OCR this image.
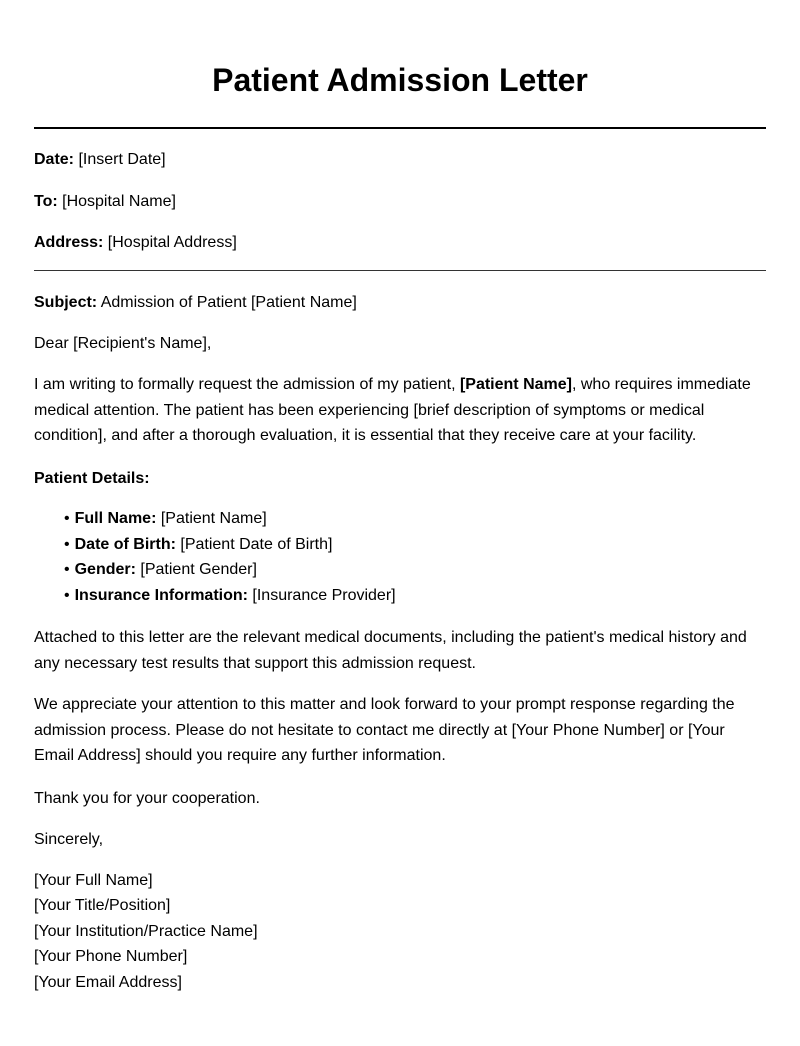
Patient Admission Letter
Date: [Insert Date]
To: [Hospital Name]
Address: [Hospital Address]
Subject: Admission of Patient [Patient Name]
Dear [Recipient's Name],

I am writing to formally request the admission of my patient, [Patient Name], who requires immediate medical attention. The patient has been experiencing [brief description of symptoms or medical condition], and after a thorough evaluation, it is essential that they receive care at your facility.

Patient Details:
• Full Name: [Patient Name]
• Date of Birth: [Patient Date of Birth]
• Gender: [Patient Gender]
• Insurance Information: [Insurance Provider]

Attached to this letter are the relevant medical documents, including the patient's medical history and any necessary test results that support this admission request.

We appreciate your attention to this matter and look forward to your prompt response regarding the admission process. Please do not hesitate to contact me directly at [Your Phone Number] or [Your Email Address] should you require any further information.

Thank you for your cooperation.
Sincerely,
[Your Full Name]
[Your Title/Position]
[Your Institution/Practice Name]
[Your Phone Number]
[Your Email Address]
